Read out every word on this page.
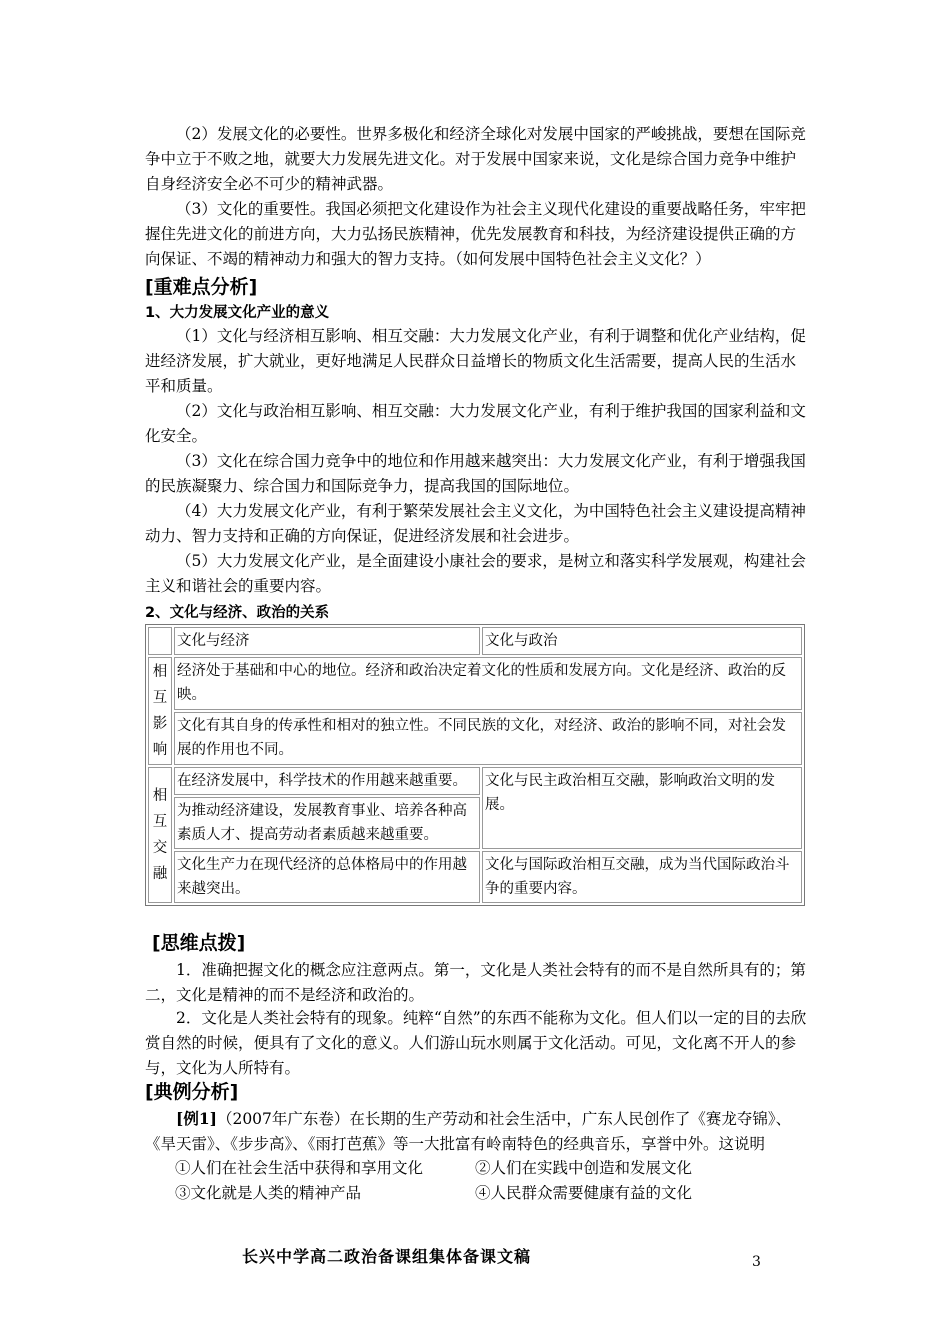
（2）发展文化的必要性。世界多极化和经济全球化对发展中国家的严峻挑战，要想在国际竞争中立于不败之地，就要大力发展先进文化。对于发展中国家来说，文化是综合国力竞争中维护自身经济安全必不可少的精神武器。

（3）文化的重要性。我国必须把文化建设作为社会主义现代化建设的重要战略任务，牢牢把握住先进文化的前进方向，大力弘扬民族精神，优先发展教育和科技，为经济建设提供正确的方向保证、不竭的精神动力和强大的智力支持。（如何发展中国特色社会主义文化？）

[重难点分析]
1、大力发展文化产业的意义

（1）文化与经济相互影响、相互交融：大力发展文化产业，有利于调整和优化产业结构，促进经济发展，扩大就业，更好地满足人民群众日益增长的物质文化生活需要，提高人民的生活水平和质量。

（2）文化与政治相互影响、相互交融：大力发展文化产业，有利于维护我国的国家利益和文化安全。

（3）文化在综合国力竞争中的地位和作用越来越突出：大力发展文化产业，有利于增强我国的民族凝聚力、综合国力和国际竞争力，提高我国的国际地位。

（4）大力发展文化产业，有利于繁荣发展社会主义文化，为中国特色社会主义建设提高精神动力、智力支持和正确的方向保证，促进经济发展和社会进步。

（5）大力发展文化产业，是全面建设小康社会的要求，是树立和落实科学发展观，构建社会主义和谐社会的重要内容。

2、文化与经济、政治的关系
	文化与经济	文化与政治
相互影响	经济处于基础和中心的地位。经济和政治决定着文化的性质和发展方向。文化是经济、政治的反映。	
	文化有其自身的传承性和相对的独立性。不同民族的文化，对经济、政治的影响不同，对社会发展的作用也不同。	
相互交融	在经济发展中，科学技术的作用越来越重要。	文化与民主政治相互交融，影响政治文明的发展。
	为推动经济建设，发展教育事业、培养各种高素质人才、提高劳动者素质越来越重要。	
	文化生产力在现代经济的总体格局中的作用越来越突出。	文化与国际政治相互交融，成为当代国际政治斗争的重要内容。
[思维点拨]

1．准确把握文化的概念应注意两点。第一，文化是人类社会特有的而不是自然所具有的；第二，文化是精神的而不是经济和政治的。

2．文化是人类社会特有的现象。纯粹“自然”的东西不能称为文化。但人们以一定的目的去欣赏自然的时候，便具有了文化的意义。人们游山玩水则属于文化活动。可见，文化离不开人的参与，文化为人所特有。

[典例分析]

[例1]（2007年广东卷）在长期的生产劳动和社会生活中，广东人民创作了《赛龙夺锦》、《旱天雷》、《步步高》、《雨打芭蕉》等一大批富有岭南特色的经典音乐，享誉中外。这说明

①人们在社会生活中获得和享用文化	②人们在实践中创造和发展文化
③文化就是人类的精神产品	④人民群众需要健康有益的文化
长兴中学高二政治备课组集体备课文稿	3
